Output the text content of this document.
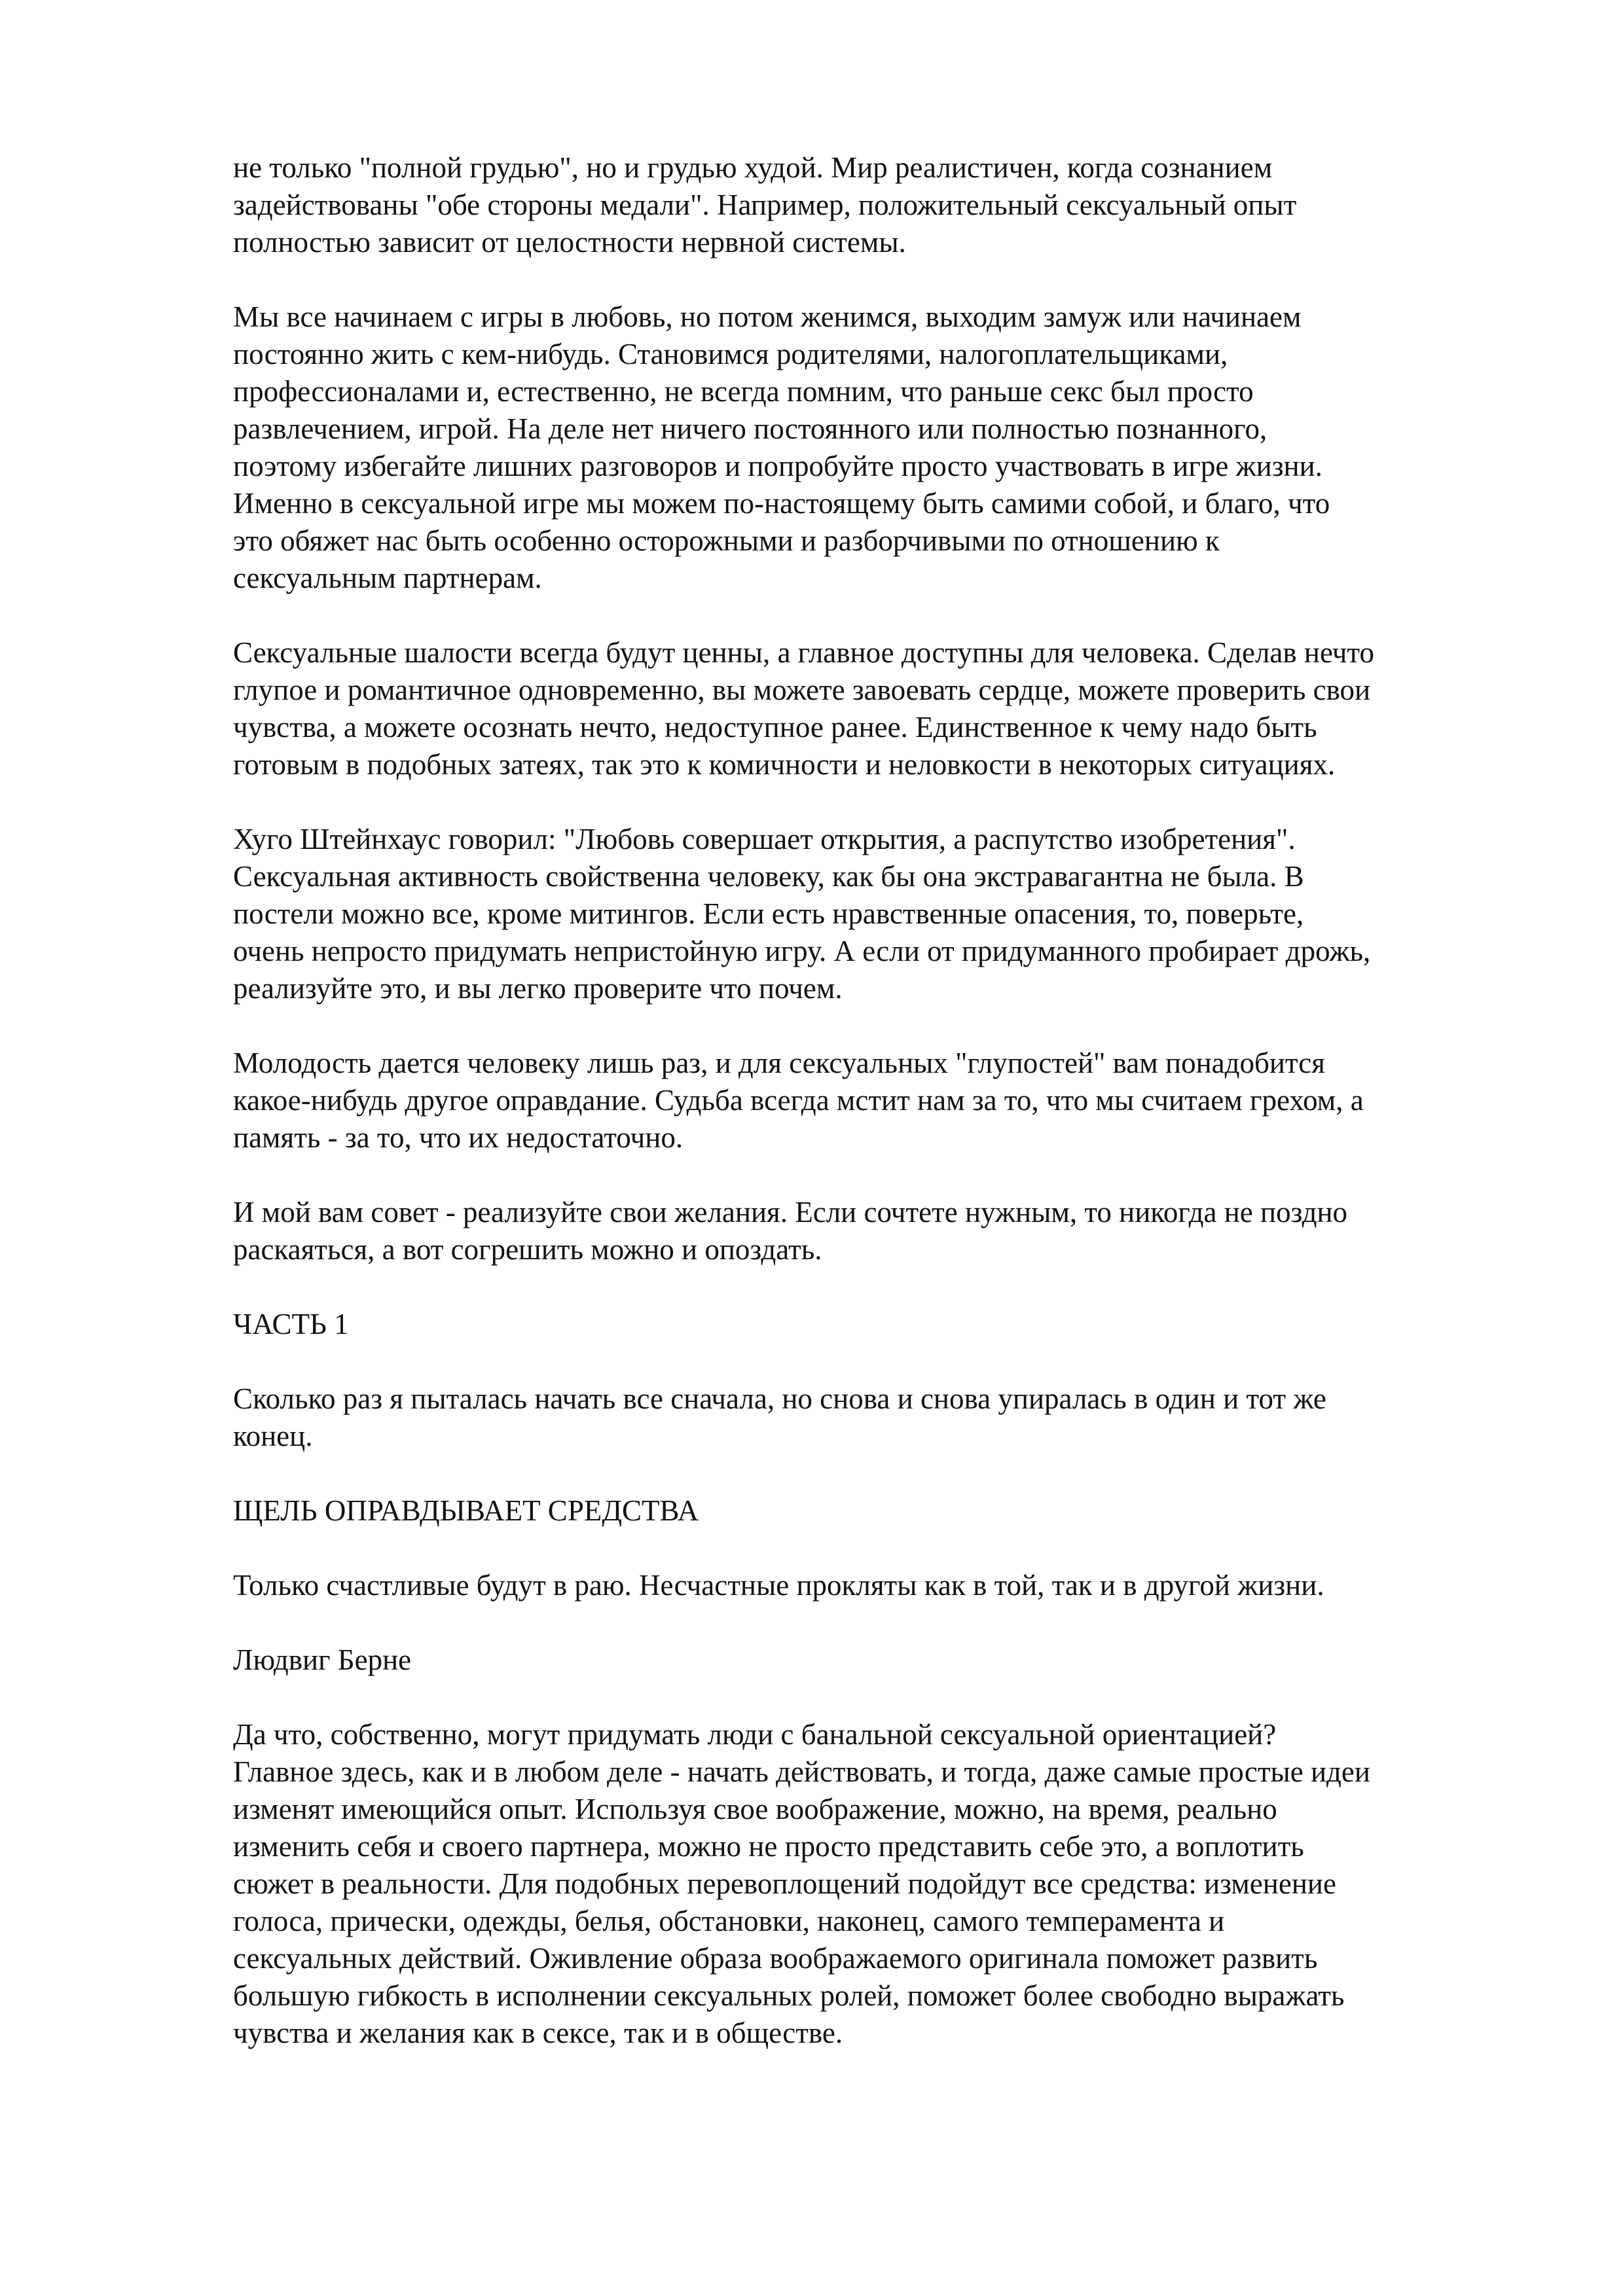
не только "полной грудью", но и грудью худой. Мир реалистичен, когда сознанием
задействованы "обе стороны медали". Например, положительный сексуальный опыт
полностью зависит от целостности нервной системы.
Мы все начинаем с игры в любовь, но потом женимся, выходим замуж или начинаем
постоянно жить с кем-нибудь. Становимся родителями, налогоплательщиками,
профессионалами и, естественно, не всегда помним, что раньше секс был просто
развлечением, игрой. На деле нет ничего постоянного или полностью познанного,
поэтому избегайте лишних разговоров и попробуйте просто участвовать в игре жизни.
Именно в сексуальной игре мы можем по-настоящему быть самими собой, и благо, что
это обяжет нас быть особенно осторожными и разборчивыми по отношению к
сексуальным партнерам.
Сексуальные шалости всегда будут ценны, а главное доступны для человека. Сделав нечто
глупое и романтичное одновременно, вы можете завоевать сердце, можете проверить свои
чувства, а можете осознать нечто, недоступное ранее. Единственное к чему надо быть
готовым в подобных затеях, так это к комичности и неловкости в некоторых ситуациях.
Хуго Штейнхаус говорил: "Любовь совершает открытия, а распутство изобретения".
Сексуальная активность свойственна человеку, как бы она экстравагантна не была. В
постели можно все, кроме митингов. Если есть нравственные опасения, то, поверьте,
очень непросто придумать непристойную игру. А если от придуманного пробирает дрожь,
реализуйте это, и вы легко проверите что почем.
Молодость дается человеку лишь раз, и для сексуальных "глупостей" вам понадобится
какое-нибудь другое оправдание. Судьба всегда мстит нам за то, что мы считаем грехом, а
память - за то, что их недостаточно.
И мой вам совет - реализуйте свои желания. Если сочтете нужным, то никогда не поздно
раскаяться, а вот согрешить можно и опоздать.
ЧАСТЬ 1
Сколько раз я пыталась начать все сначала, но снова и снова упиралась в один и тот же
конец.
ЩЕЛЬ ОПРАВДЫВАЕТ СРЕДСТВА
Только счастливые будут в раю. Несчастные прокляты как в той, так и в другой жизни.
Людвиг Берне
Да что, собственно, могут придумать люди с банальной сексуальной ориентацией?
Главное здесь, как и в любом деле - начать действовать, и тогда, даже самые простые идеи
изменят имеющийся опыт. Используя свое воображение, можно, на время, реально
изменить себя и своего партнера, можно не просто представить себе это, а воплотить
сюжет в реальности. Для подобных перевоплощений подойдут все средства: изменение
голоса, прически, одежды, белья, обстановки, наконец, самого темперамента и
сексуальных действий. Оживление образа воображаемого оригинала поможет развить
большую гибкость в исполнении сексуальных ролей, поможет более свободно выражать
чувства и желания как в сексе, так и в обществе.
